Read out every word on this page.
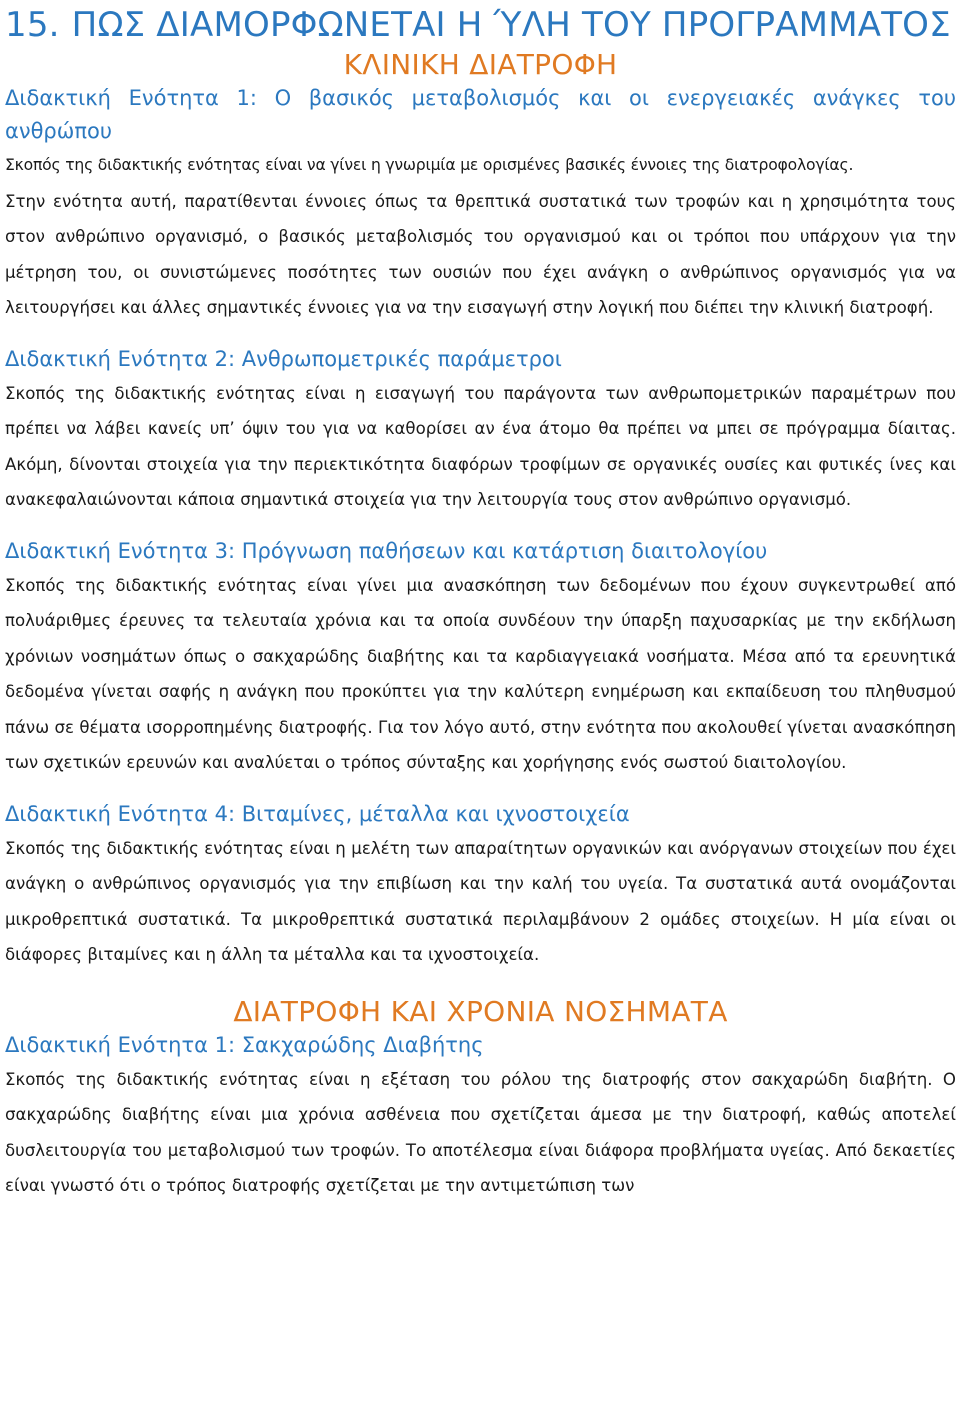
15. ΠΩΣ ΔΙΑΜΟΡΦΩΝΕΤΑΙ Η ΎΛΗ ΤΟΥ ΠΡΟΓΡΑΜΜΑΤΟΣ
ΚΛΙΝΙΚΗ ΔΙΑΤΡΟΦΗ
Διδακτική Ενότητα 1: Ο βασικός μεταβολισμός και οι ενεργειακές ανάγκες του ανθρώπου

Σκοπός της διδακτικής ενότητας είναι να γίνει η γνωριμία με ορισμένες βασικές έννοιες της διατροφολογίας.

Στην ενότητα αυτή, παρατίθενται έννοιες όπως τα θρεπτικά συστατικά των τροφών και η χρησιμότητα τους στον ανθρώπινο οργανισμό, ο βασικός μεταβολισμός του οργανισμού και οι τρόποι που υπάρχουν για την μέτρηση του, οι συνιστώμενες ποσότητες των ουσιών που έχει ανάγκη ο ανθρώπινος οργανισμός για να λειτουργήσει και άλλες σημαντικές έννοιες για να την εισαγωγή στην λογική που διέπει την κλινική διατροφή.

Διδακτική Ενότητα 2: Ανθρωπομετρικές παράμετροι

Σκοπός της διδακτικής ενότητας είναι η εισαγωγή του παράγοντα των ανθρωπομετρικών παραμέτρων που πρέπει να λάβει κανείς υπ’ όψιν του για να καθορίσει αν ένα άτομο θα πρέπει να μπει σε πρόγραμμα δίαιτας. Ακόμη, δίνονται στοιχεία για την περιεκτικότητα διαφόρων τροφίμων σε οργανικές ουσίες και φυτικές ίνες και ανακεφαλαιώνονται κάποια σημαντικά στοιχεία για την λειτουργία τους στον ανθρώπινο οργανισμό.

Διδακτική Ενότητα 3: Πρόγνωση παθήσεων και κατάρτιση διαιτολογίου

Σκοπός της διδακτικής ενότητας είναι γίνει μια ανασκόπηση των δεδομένων που έχουν συγκεντρωθεί από πολυάριθμες έρευνες τα τελευταία χρόνια και τα οποία συνδέουν την ύπαρξη παχυσαρκίας με την εκδήλωση χρόνιων νοσημάτων όπως ο σακχαρώδης διαβήτης και τα καρδιαγγειακά νοσήματα. Μέσα από τα ερευνητικά δεδομένα γίνεται σαφής η ανάγκη που προκύπτει για την καλύτερη ενημέρωση και εκπαίδευση του πληθυσμού πάνω σε θέματα ισορροπημένης διατροφής. Για τον λόγο αυτό, στην ενότητα που ακολουθεί γίνεται ανασκόπηση των σχετικών ερευνών και αναλύεται ο τρόπος σύνταξης και χορήγησης ενός σωστού διαιτολογίου.

Διδακτική Ενότητα 4: Βιταμίνες, μέταλλα και ιχνοστοιχεία

Σκοπός της διδακτικής ενότητας είναι η μελέτη των απαραίτητων οργανικών και ανόργανων στοιχείων που έχει ανάγκη ο ανθρώπινος οργανισμός για την επιβίωση και την καλή του υγεία. Τα συστατικά αυτά ονομάζονται μικροθρεπτικά συστατικά. Τα μικροθρεπτικά συστατικά περιλαμβάνουν 2 ομάδες στοιχείων. Η μία είναι οι διάφορες βιταμίνες και η άλλη τα μέταλλα και τα ιχνοστοιχεία.

ΔΙΑΤΡΟΦΗ ΚΑΙ ΧΡΟΝΙΑ ΝΟΣΗΜΑΤΑ
Διδακτική Ενότητα 1: Σακχαρώδης Διαβήτης

Σκοπός της διδακτικής ενότητας είναι η εξέταση του ρόλου της διατροφής στον σακχαρώδη διαβήτη. Ο σακχαρώδης διαβήτης είναι μια χρόνια ασθένεια που σχετίζεται άμεσα με την διατροφή, καθώς αποτελεί δυσλειτουργία του μεταβολισμού των τροφών. Το αποτέλεσμα είναι διάφορα προβλήματα υγείας. Από δεκαετίες είναι γνωστό ότι ο τρόπος διατροφής σχετίζεται με την αντιμετώπιση των
